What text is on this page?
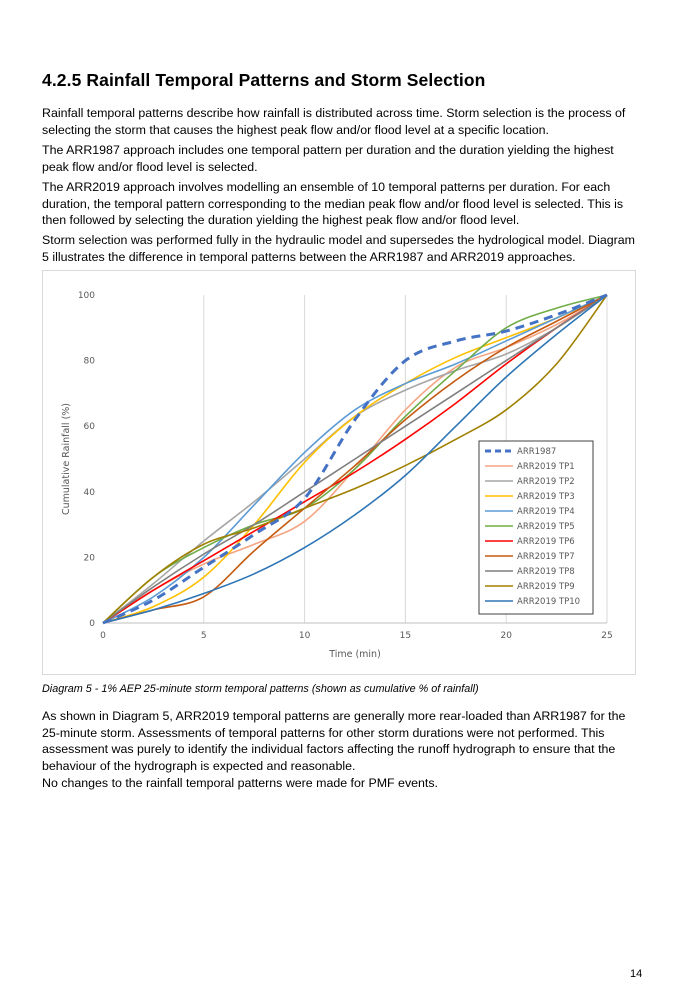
4.2.5 Rainfall Temporal Patterns and Storm Selection

Rainfall temporal patterns describe how rainfall is distributed across time. Storm selection is the process of selecting the storm that causes the highest peak flow and/or flood level at a specific location.

The ARR1987 approach includes one temporal pattern per duration and the duration yielding the highest peak flow and/or flood level is selected.

The ARR2019 approach involves modelling an ensemble of 10 temporal patterns per duration. For each duration, the temporal pattern corresponding to the median peak flow and/or flood level is selected. This is then followed by selecting the duration yielding the highest peak flow and/or flood level.

Storm selection was performed fully in the hydraulic model and supersedes the hydrological model. Diagram 5 illustrates the difference in temporal patterns between the ARR1987 and ARR2019 approaches.

0	5	10	15	20	25
0
20
40
60
80
100
Time (min)
Cumulative Rainfall (%)	ARR1987
ARR2019 TP1
ARR2019 TP2
ARR2019 TP3
ARR2019 TP4
ARR2019 TP5
ARR2019 TP6
ARR2019 TP7
ARR2019 TP8
ARR2019 TP9
ARR2019 TP10

Diagram 5 - 1% AEP 25-minute storm temporal patterns (shown as cumulative % of rainfall)

As shown in Diagram 5, ARR2019 temporal patterns are generally more rear-loaded than ARR1987 for the 25-minute storm. Assessments of temporal patterns for other storm durations were not performed. This assessment was purely to identify the individual factors affecting the runoff hydrograph to ensure that the behaviour of the hydrograph is expected and reasonable.

No changes to the rainfall temporal patterns were made for PMF events.

14
